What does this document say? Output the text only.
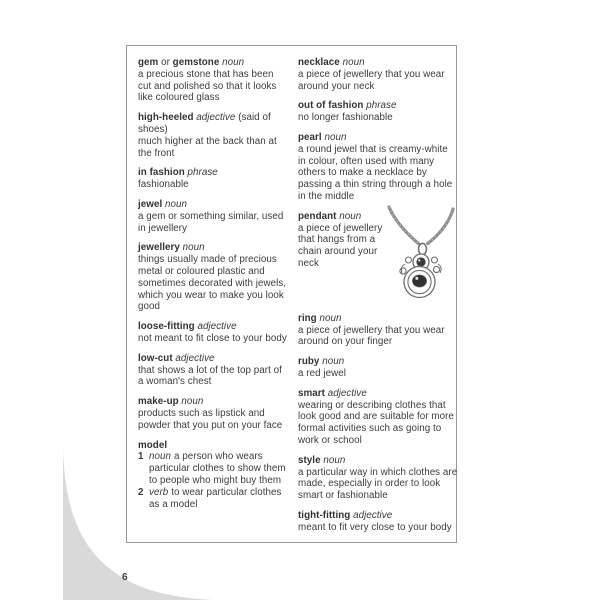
gem or gemstone noun
a precious stone that has been cut and polished so that it looks like coloured glass
high-heeled adjective (said of shoes)
much higher at the back than at the front
in fashion phrase
fashionable
jewel noun
a gem or something similar, used in jewellery
jewellery noun
things usually made of precious metal or coloured plastic and sometimes decorated with jewels, which you wear to make you look good
loose-fitting adjective
not meant to fit close to your body
low-cut adjective
that shows a lot of the top part of a woman's chest
make-up noun
products such as lipstick and powder that you put on your face
model
1 noun a person who wears particular clothes to show them to people who might buy them
2 verb to wear particular clothes as a model
necklace noun
a piece of jewellery that you wear around your neck
out of fashion phrase
no longer fashionable
pearl noun
a round jewel that is creamy-white in colour, often used with many others to make a necklace by passing a thin string through a hole in the middle
pendant noun
a piece of jewellery that hangs from a chain around your neck
ring noun
a piece of jewellery that you wear around on your finger
ruby noun
a red jewel
smart adjective
wearing or describing clothes that look good and are suitable for more formal activities such as going to work or school
style noun
a particular way in which clothes are made, especially in order to look smart or fashionable
tight-fitting adjective
meant to fit very close to your body
6
